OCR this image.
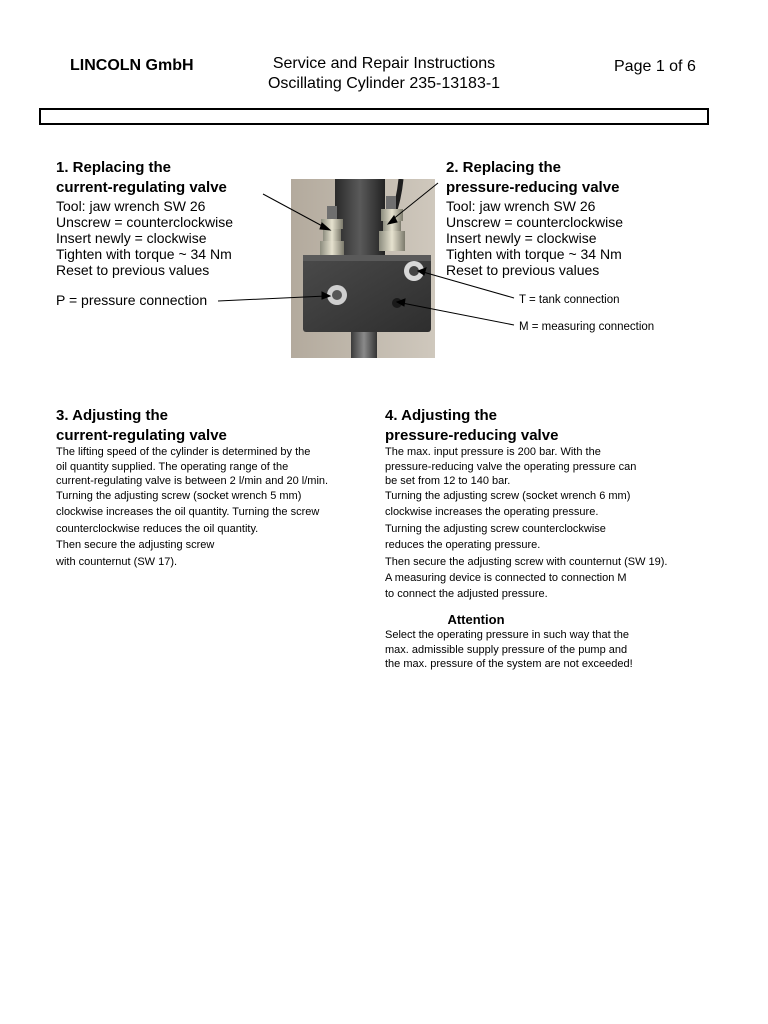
LINCOLN GmbH	Service and Repair Instructions
Oscillating Cylinder 235-13183-1
Page 1 of 6
1. Replacing the
current-regulating valve
Tool: jaw wrench SW 26
Unscrew = counterclockwise
Insert newly = clockwise
Tighten with torque ~ 34 Nm
Reset to previous values
P = pressure connection
2. Replacing the
pressure-reducing valve
Tool: jaw wrench SW 26
Unscrew = counterclockwise
Insert newly = clockwise
Tighten with torque ~ 34 Nm
Reset to previous values
T = tank connection
M = measuring connection
3. Adjusting the
current-regulating valve
The lifting speed of the cylinder is determined by the
oil quantity supplied. The operating range of the
current-regulating valve is between 2 l/min and 20 l/min.
Turning the adjusting screw (socket wrench 5 mm)
clockwise increases the oil quantity. Turning the screw
counterclockwise reduces the oil quantity.
Then secure the adjusting screw
with counternut (SW 17).
4. Adjusting the
pressure-reducing valve
The max. input pressure is 200 bar. With the
pressure-reducing valve the operating pressure can
be set from 12 to 140 bar.
Turning the adjusting screw (socket wrench 6 mm)
clockwise increases the operating pressure.
Turning the adjusting screw counterclockwise
reduces the operating pressure.
Then secure the adjusting screw with counternut (SW 19).
A measuring device is connected to connection M
to connect the adjusted pressure.
Attention
Select the operating pressure in such way that the
max. admissible supply pressure of the pump and
the max. pressure of the system are not exceeded!
